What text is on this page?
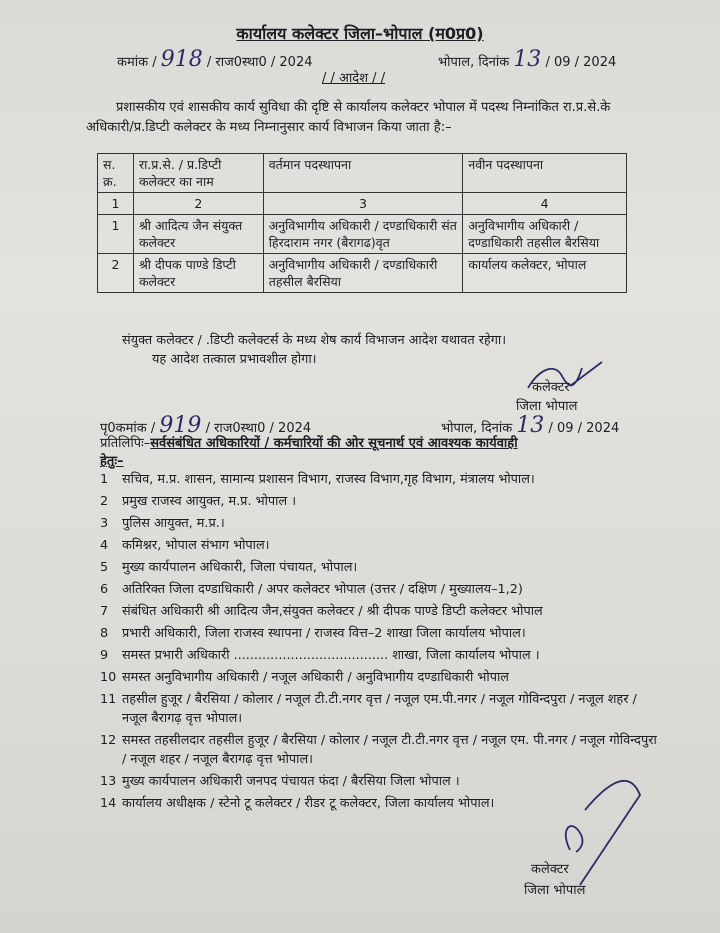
कार्यालय कलेक्टर जिला–भोपाल (म0प्र0)
कमांक / 918 / राज0स्था0 / 2024	भोपाल, दिनांक 13 / 09 / 2024
/ / आदेश / /
प्रशासकीय एवं शासकीय कार्य सुविधा की दृष्टि से कार्यालय कलेक्टर भोपाल में पदस्थ निम्नांकित रा.प्र.से.के अधिकारी/प्र.डिप्टी कलेक्टर के मध्य निम्नानुसार कार्य विभाजन किया जाता है:–
स. क्र.	रा.प्र.से. / प्र.डिप्टी कलेक्टर का नाम	वर्तमान पदस्थापना	नवीन पदस्थापना
1	2	3	4
1	श्री आदित्य जैन संयुक्त कलेक्टर	अनुविभागीय अधिकारी / दण्डाधिकारी संत हिरदाराम नगर (बैरागढ)वृत	अनुविभागीय अधिकारी / दण्डाधिकारी तहसील बैरसिया
2	श्री दीपक पाण्डे डिप्टी कलेक्टर	अनुविभागीय अधिकारी / दण्डाधिकारी तहसील बैरसिया	कार्यालय कलेक्टर, भोपाल
संयुक्त कलेक्टर / .डिप्टी कलेक्टर्स के मध्य शेष कार्य विभाजन आदेश यथावत रहेगा।
यह आदेश तत्काल प्रभावशील होगा।
कलेक्टर
जिला भोपाल
पृ0कमांक / 919 / राज0स्था0 / 2024	भोपाल, दिनांक 13 / 09 / 2024
प्रतिलिपिः–सर्वसंबंधित अधिकारियों / कर्मचारियों की ओर सूचनार्थ एवं आवश्यक कार्यवाही
हेतुः–
1	सचिव, म.प्र. शासन, सामान्य प्रशासन विभाग, राजस्व विभाग,गृह विभाग, मंत्रालय भोपाल।
2	प्रमुख राजस्व आयुक्त, म.प्र. भोपाल ।
3	पुलिस आयुक्त, म.प्र.।
4	कमिश्नर, भोपाल संभाग भोपाल।
5	मुख्य कार्यपालन अधिकारी, जिला पंचायत, भोपाल।
6	अतिरिक्त जिला दण्डाधिकारी / अपर कलेक्टर भोपाल (उत्तर / दक्षिण / मुख्यालय–1,2)
7	संबंधित अधिकारी श्री आदित्य जैन,संयुक्त कलेक्टर / श्री दीपक पाण्डे डिप्टी कलेक्टर भोपाल
8	प्रभारी अधिकारी, जिला राजस्व स्थापना / राजस्व वित्त–2 शाखा जिला कार्यालय भोपाल।
9	समस्त प्रभारी अधिकारी ...................................... शाखा, जिला कार्यालय भोपाल ।
10 समस्त अनुविभागीय अधिकारी / नजूल अधिकारी / अनुविभागीय दण्डाधिकारी भोपाल
11 तहसील हुजूर / बैरसिया / कोलार / नजूल टी.टी.नगर वृत्त / नजूल एम.पी.नगर / नजूल गोविन्दपुरा / नजूल शहर / नजूल बैरागढ़ वृत्त भोपाल।
12 समस्त तहसीलदार तहसील हुजूर / बैरसिया / कोलार / नजूल टी.टी.नगर वृत्त / नजूल एम. पी.नगर / नजूल गोविन्दपुरा / नजूल शहर / नजूल बैरागढ़ वृत्त भोपाल।
13 मुख्य कार्यपालन अधिकारी जनपद पंचायत फंदा / बैरसिया जिला भोपाल ।
14 कार्यालय अधीक्षक / स्टेनो टू कलेक्टर / रीडर टू कलेक्टर, जिला कार्यालय भोपाल।
कलेक्टर
जिला भोपाल
